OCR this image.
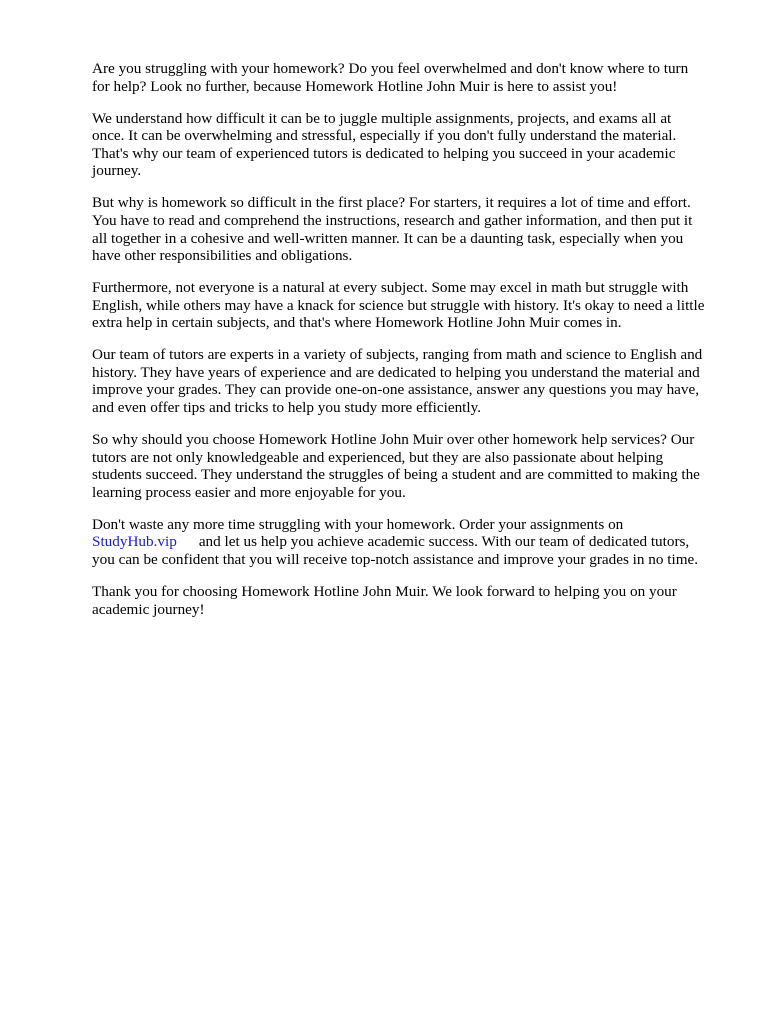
Are you struggling with your homework? Do you feel overwhelmed and don't know where to turn
for help? Look no further, because Homework Hotline John Muir is here to assist you!

We understand how difficult it can be to juggle multiple assignments, projects, and exams all at
once. It can be overwhelming and stressful, especially if you don't fully understand the material.
That's why our team of experienced tutors is dedicated to helping you succeed in your academic
journey.

But why is homework so difficult in the first place? For starters, it requires a lot of time and effort.
You have to read and comprehend the instructions, research and gather information, and then put it
all together in a cohesive and well-written manner. It can be a daunting task, especially when you
have other responsibilities and obligations.

Furthermore, not everyone is a natural at every subject. Some may excel in math but struggle with
English, while others may have a knack for science but struggle with history. It's okay to need a little
extra help in certain subjects, and that's where Homework Hotline John Muir comes in.

Our team of tutors are experts in a variety of subjects, ranging from math and science to English and
history. They have years of experience and are dedicated to helping you understand the material and
improve your grades. They can provide one-on-one assistance, answer any questions you may have,
and even offer tips and tricks to help you study more efficiently.

So why should you choose Homework Hotline John Muir over other homework help services? Our
tutors are not only knowledgeable and experienced, but they are also passionate about helping
students succeed. They understand the struggles of being a student and are committed to making the
learning process easier and more enjoyable for you.

Don't waste any more time struggling with your homework. Order your assignments on
StudyHub.vip and let us help you achieve academic success. With our team of dedicated tutors,
you can be confident that you will receive top-notch assistance and improve your grades in no time.

Thank you for choosing Homework Hotline John Muir. We look forward to helping you on your
academic journey!
